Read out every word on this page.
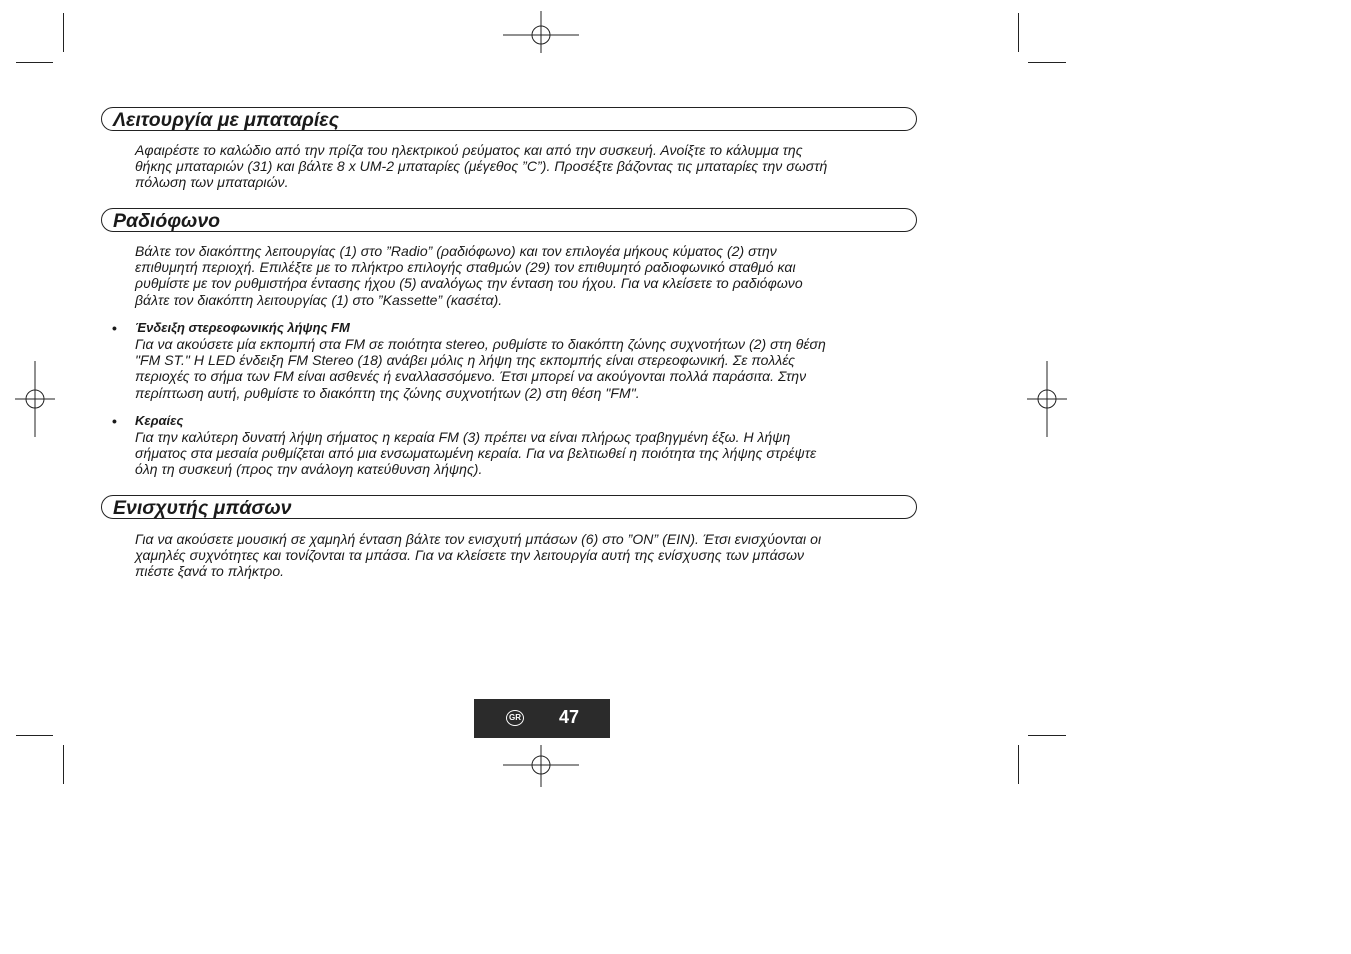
Λειτουργία με μπαταρίες

Αφαιρέστε το καλώδιο από την πρίζα του ηλεκτρικού ρεύματος και από την συσκευή. Ανοίξτε το κάλυμμα της
θήκης μπαταριών (31) και βάλτε 8 x UM-2 μπαταρίες (μέγεθος ”C”). Προσέξτε βάζοντας τις μπαταρίες την σωστή
πόλωση των μπαταριών.

Ραδιόφωνο

Βάλτε τον διακόπτης λειτουργίας (1) στο ”Radio” (ραδιόφωνο) και τον επιλογέα μήκους κύματος (2) στην
επιθυμητή περιοχή. Επιλέξτε με το πλήκτρο επιλογής σταθμών (29) τον επιθυμητό ραδιοφωνικό σταθμό και
ρυθμίστε με τον ρυθμιστήρα έντασης ήχου (5) αναλόγως την ένταση του ήχου. Για να κλείσετε το ραδιόφωνο
βάλτε τον διακόπτη λειτουργίας (1) στο ”Kassette” (κασέτα).

• Ένδειξη στερεοφωνικής λήψης FM

Για να ακούσετε μία εκπομπή στα FM σε ποιότητα stereo, ρυθμίστε το διακόπτη ζώνης συχνοτήτων (2) στη θέση
"FM ST." Η LED ένδειξη FM Stereo (18) ανάβει μόλις η λήψη της εκπομπής είναι στερεοφωνική. Σε πολλές
περιοχές το σήμα των FM είναι ασθενές ή εναλλασσόμενο. Έτσι μπορεί να ακούγονται πολλά παράσιτα. Στην
περίπτωση αυτή, ρυθμίστε το διακόπτη της ζώνης συχνοτήτων (2) στη θέση "FM".

• Κεραίες

Για την καλύτερη δυνατή λήψη σήματος η κεραία FM (3) πρέπει να είναι πλήρως τραβηγμένη έξω. Η λήψη
σήματος στα μεσαία ρυθμίζεται από μια ενσωματωμένη κεραία. Για να βελτιωθεί η ποιότητα της λήψης στρέψτε
όλη τη συσκευή (προς την ανάλογη κατεύθυνση λήψης).

Ενισχυτής μπάσων

Για να ακούσετε μουσική σε χαμηλή ένταση βάλτε τον ενισχυτή μπάσων (6) στο ”ON” (EIN). Έτσι ενισχύονται οι
χαμηλές συχνότητες και τονίζονται τα μπάσα. Για να κλείσετε την λειτουργία αυτή της ενίσχυσης των μπάσων
πιέστε ξανά το πλήκτρο.

GR 47
